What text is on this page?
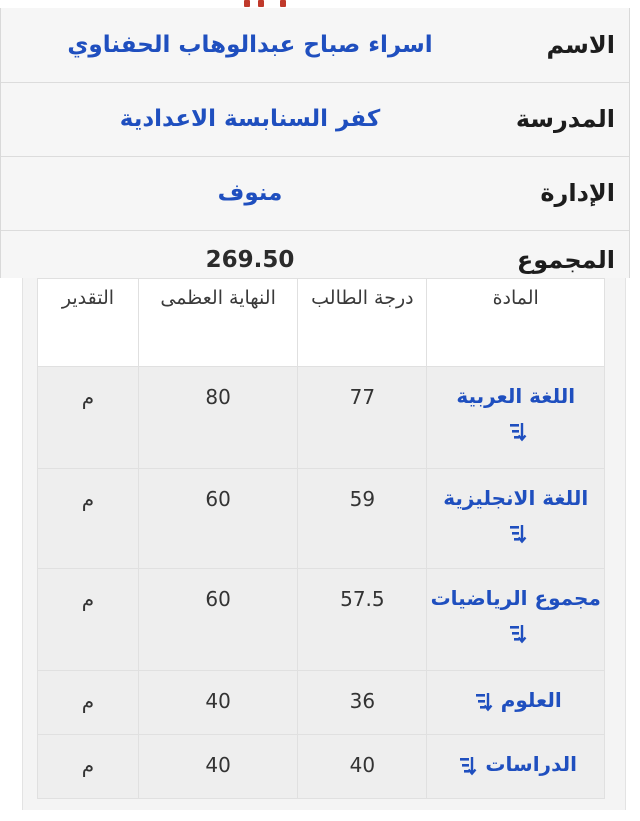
الاسم
اسراء صباح عبدالوهاب الحفناوي
المدرسة
كفر السنابسة الاعدادية
الإدارة
منوف
المجموع
269.50
المادة	درجة الطالب	النهاية العظمى	التقدير
اللغة العربية	77	80	م
اللغة الانجليزية	59	60	م
مجموع الرياضيات	57.5	60	م
العلوم	36	40	م
الدراسات	40	40	م
